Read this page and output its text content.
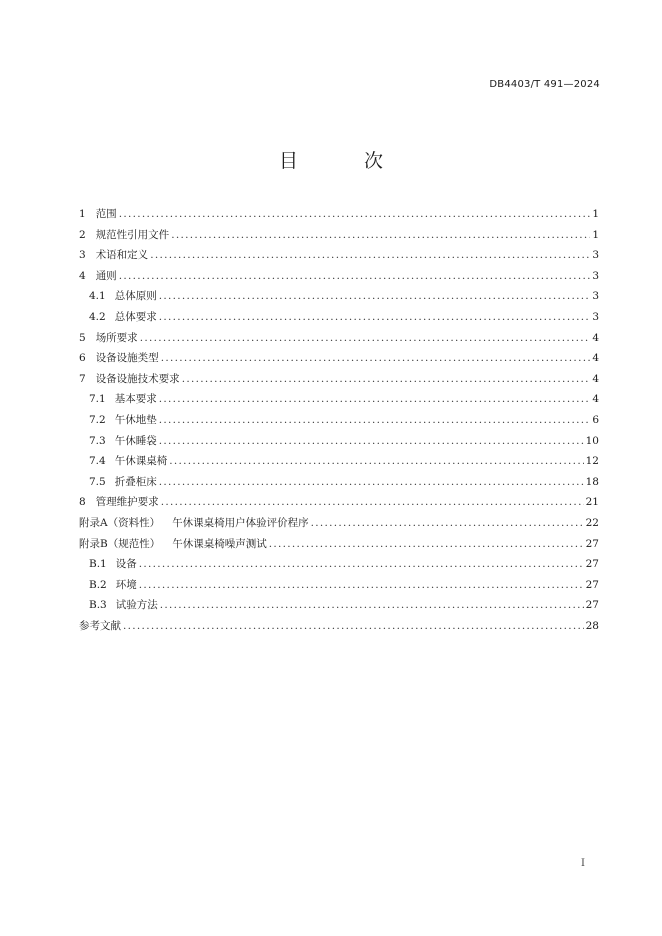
DB4403/T 491—2024
目 次
1 范围 .....	1
2 规范性引用文件 .....	1
3 术语和定义 .....	3
4 通则 .....	3
4.1 总体原则 .....	3
4.2 总体要求 .....	3
5 场所要求 .....	4
6 设备设施类型 .....	4
7 设备设施技术要求 .....	4
7.1 基本要求 .....	4
7.2 午休地垫 .....	6
7.3 午休睡袋 .....	10
7.4 午休课桌椅 .....	12
7.5 折叠柜床 .....	18
8 管理维护要求 .....	21
附录A（资料性）	午休课桌椅用户体验评价程序 .....	22
附录B（规范性）	午休课桌椅噪声测试 .....	27
B.1 设备 .....	27
B.2 环境 .....	27
B.3 试验方法 .....	27
参考文献 .....	28
I
